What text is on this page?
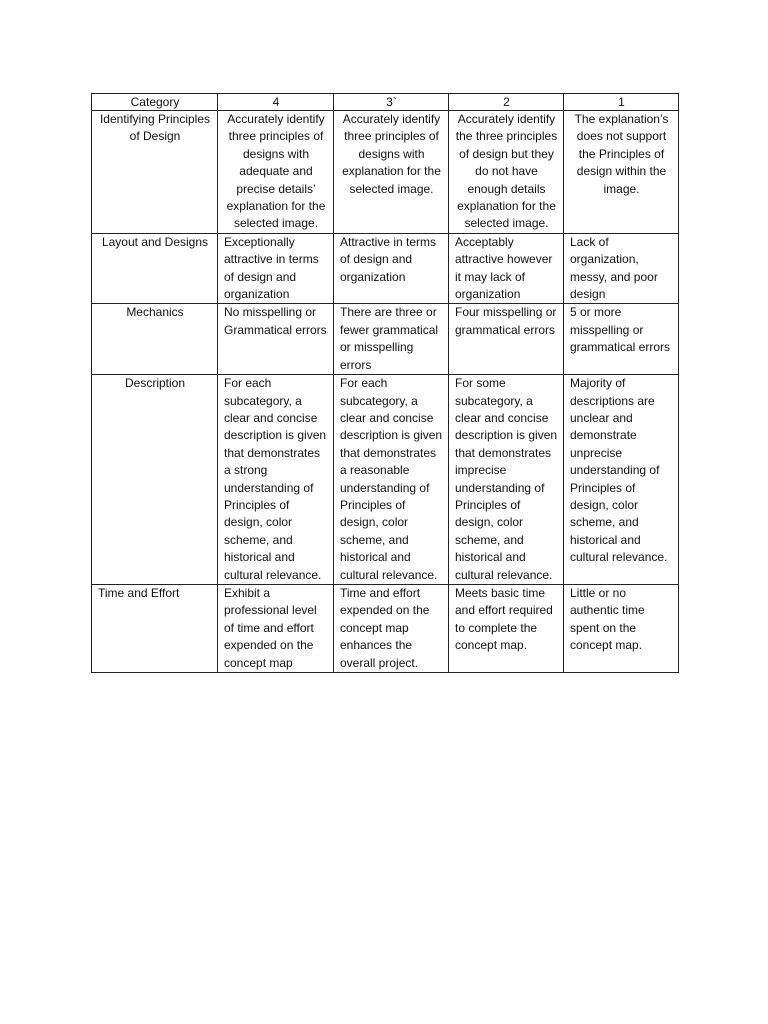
Category	4	3`	2	1
Identifying Principles of Design	Accurately identify three principles of designs with adequate and precise details’ explanation for the selected image.	Accurately identify three principles of designs with explanation for the selected image.	Accurately identify the three principles of design but they do not have enough details explanation for the selected image.	The explanation’s does not support the Principles of design within the image.
Layout and Designs	Exceptionally attractive in terms of design and organization	Attractive in terms of design and organization	Acceptably attractive however it may lack of organization	Lack of organization, messy, and poor design
Mechanics	No misspelling or Grammatical errors	There are three or fewer grammatical or misspelling errors	Four misspelling or grammatical errors	5 or more misspelling or grammatical errors
Description	For each subcategory, a clear and concise description is given that demonstrates a strong understanding of Principles of design, color scheme, and historical and cultural relevance.	For each subcategory, a clear and concise description is given that demonstrates a reasonable understanding of Principles of design, color scheme, and historical and cultural relevance.	For some subcategory, a clear and concise description is given that demonstrates imprecise understanding of Principles of design, color scheme, and historical and cultural relevance.	Majority of descriptions are unclear and demonstrate unprecise understanding of Principles of design, color scheme, and historical and cultural relevance.
Time and Effort	Exhibit a professional level of time and effort expended on the concept map	Time and effort expended on the concept map enhances the overall project.	Meets basic time and effort required to complete the concept map.	Little or no authentic time spent on the concept map.
